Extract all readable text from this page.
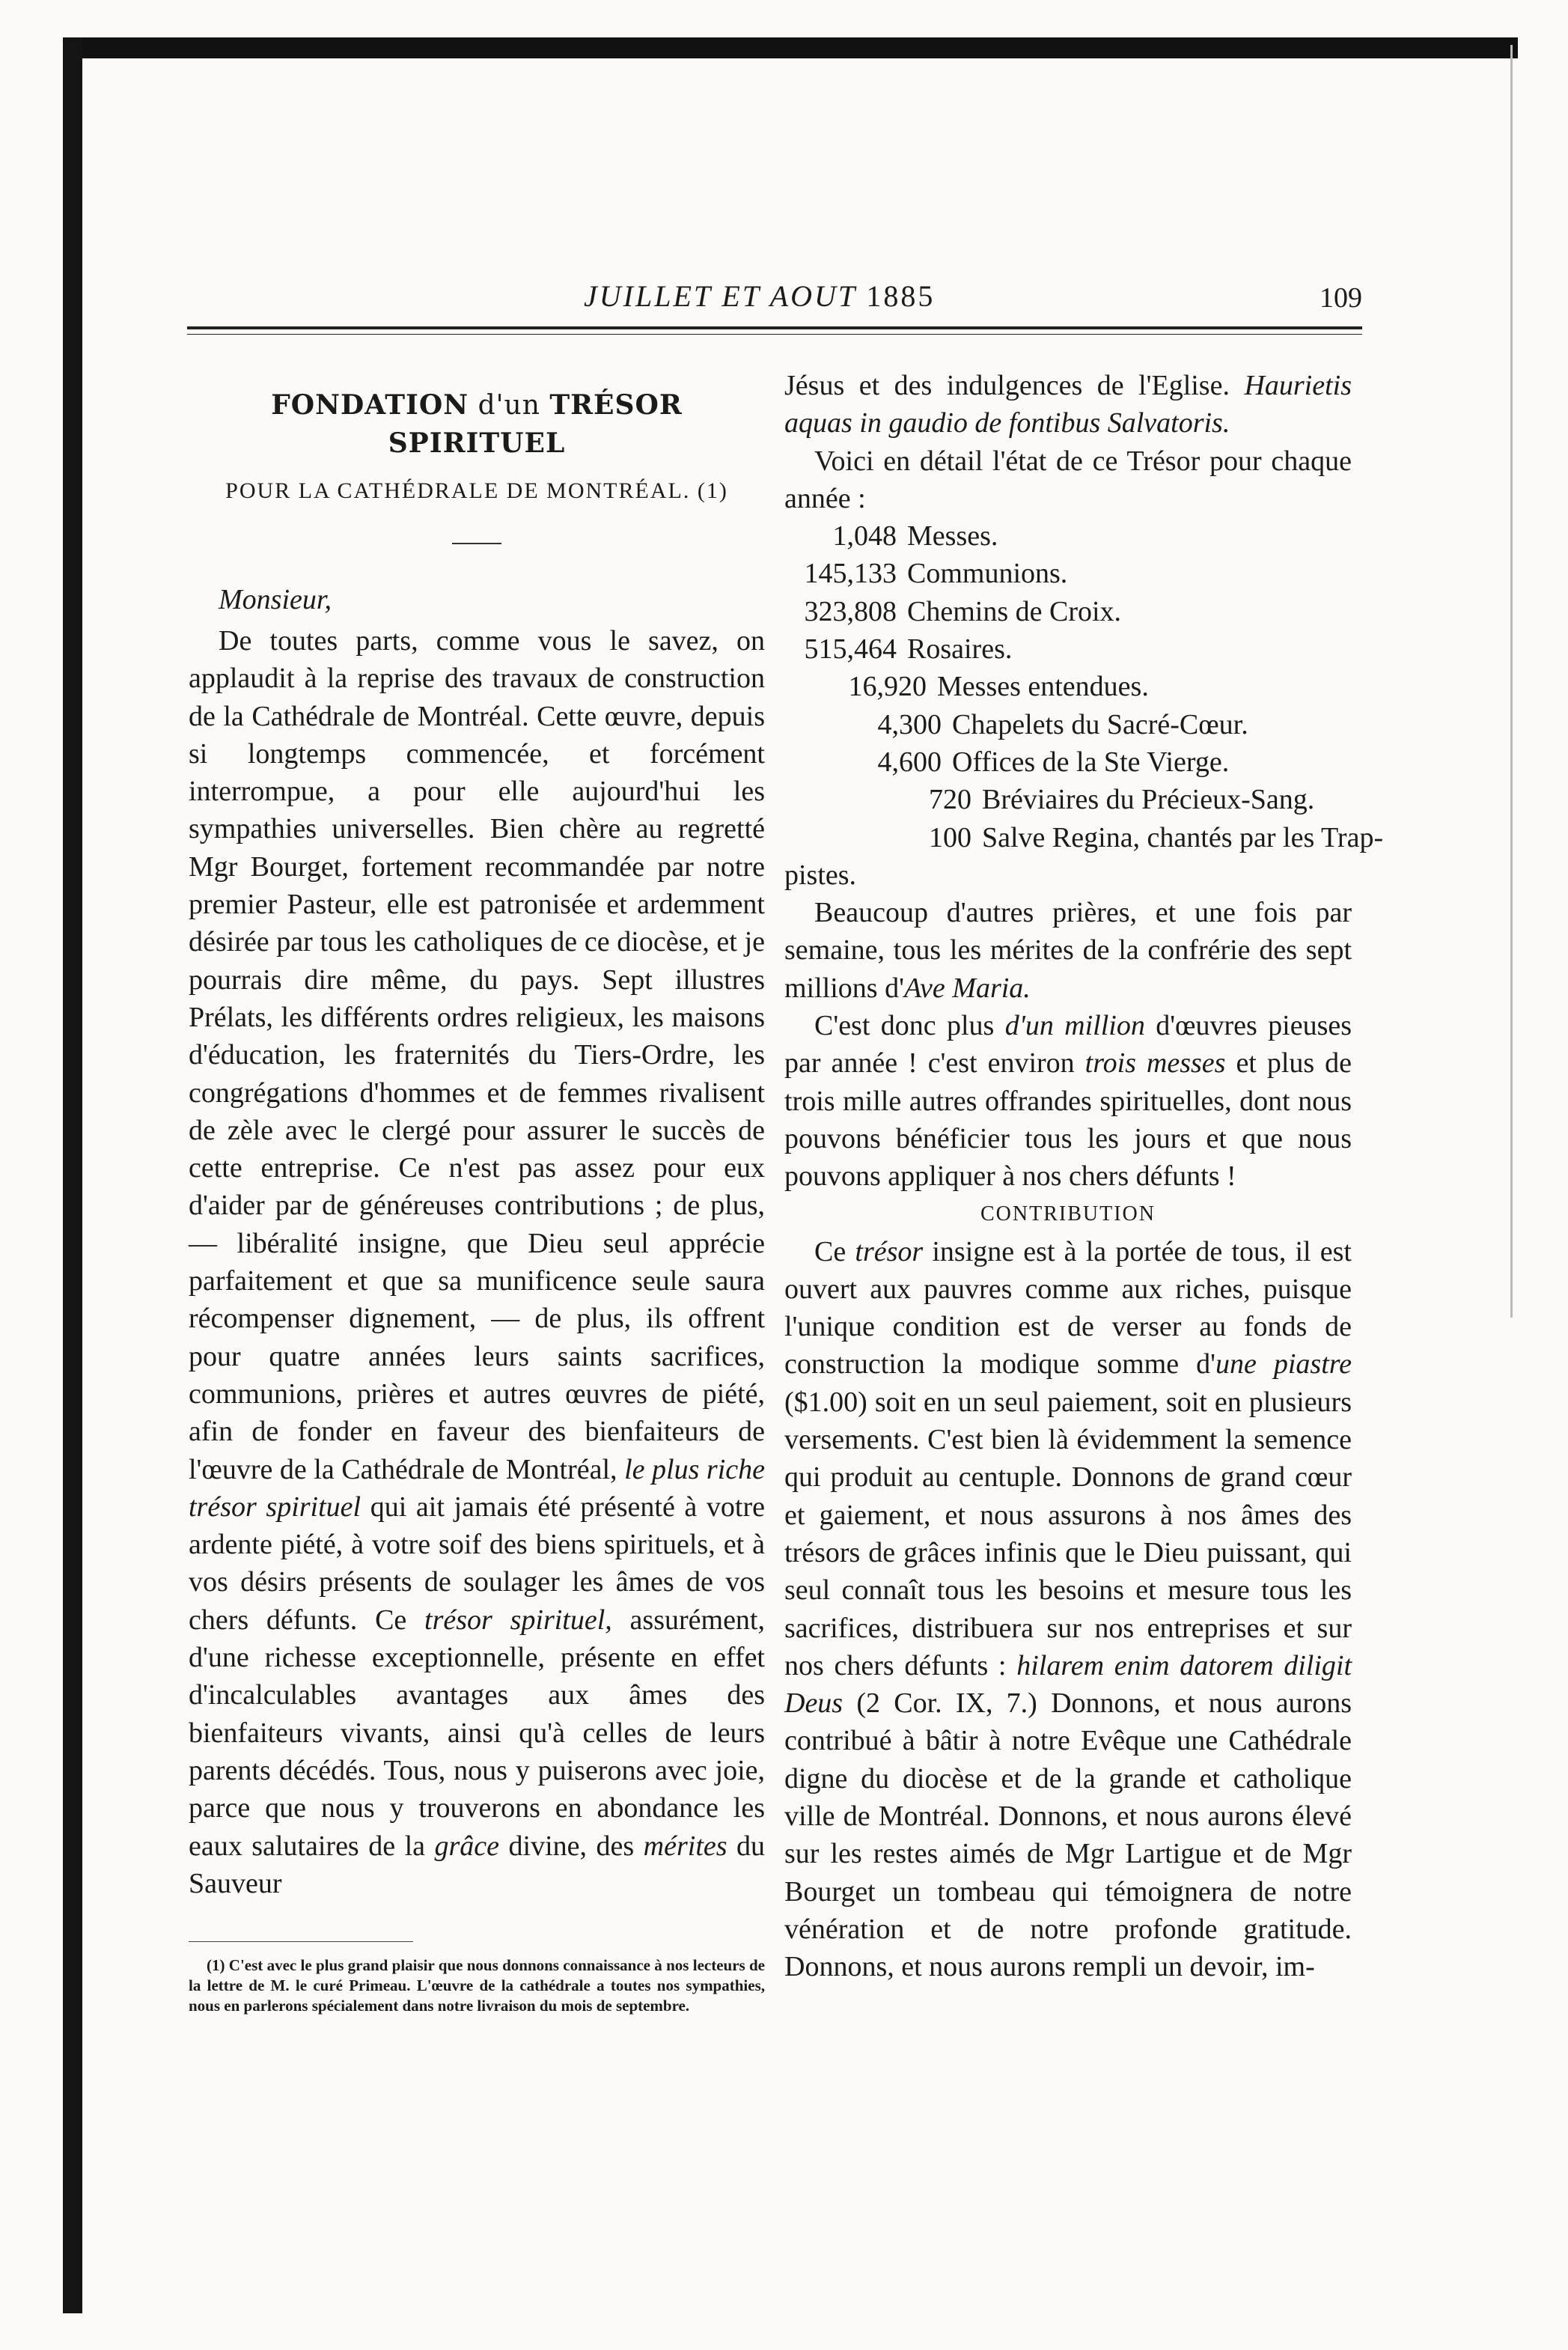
JUILLET ET AOUT 1885	109
FONDATION d'un TRÉSOR SPIRITUEL
POUR LA CATHÉDRALE DE MONTRÉAL. (1)
Monsieur,

De toutes parts, comme vous le savez, on applaudit à la reprise des travaux de construction de la Cathédrale de Montréal. Cette œuvre, depuis si longtemps commencée, et forcément interrompue, a pour elle aujourd'hui les sympathies universelles. Bien chère au regretté Mgr Bourget, fortement recommandée par notre premier Pasteur, elle est patronisée et ardemment désirée par tous les catholiques de ce diocèse, et je pourrais dire même, du pays. Sept illustres Prélats, les différents ordres religieux, les maisons d'éducation, les fraternités du Tiers-Ordre, les congrégations d'hommes et de femmes rivalisent de zèle avec le clergé pour assurer le succès de cette entreprise. Ce n'est pas assez pour eux d'aider par de généreuses contributions ; de plus, — libéralité insigne, que Dieu seul apprécie parfaitement et que sa munificence seule saura récompenser dignement, — de plus, ils offrent pour quatre années leurs saints sacrifices, communions, prières et autres œuvres de piété, afin de fonder en faveur des bienfaiteurs de l'œuvre de la Cathédrale de Montréal, le plus riche trésor spirituel qui ait jamais été présenté à votre ardente piété, à votre soif des biens spirituels, et à vos désirs présents de soulager les âmes de vos chers défunts. Ce trésor spirituel, assurément, d'une richesse exceptionnelle, présente en effet d'incalculables avantages aux âmes des bienfaiteurs vivants, ainsi qu'à celles de leurs parents décédés. Tous, nous y puiserons avec joie, parce que nous y trouverons en abondance les eaux salutaires de la grâce divine, des mérites du Sauveur

(1) C'est avec le plus grand plaisir que nous donnons connaissance à nos lecteurs de la lettre de M. le curé Primeau. L'œuvre de la cathédrale a toutes nos sympathies, nous en parlerons spécialement dans notre livraison du mois de septembre.

Jésus et des indulgences de l'Eglise. Haurietis aquas in gaudio de fontibus Salvatoris.

Voici en détail l'état de ce Trésor pour chaque année :

1,048 Messes.
145,133 Communions.
323,808 Chemins de Croix.
515,464 Rosaires.
16,920 Messes entendues.
4,300 Chapelets du Sacré-Cœur.
4,600 Offices de la Ste Vierge.
720 Bréviaires du Précieux-Sang.
100 Salve Regina, chantés par les Trap-

pistes.

Beaucoup d'autres prières, et une fois par semaine, tous les mérites de la confrérie des sept millions d'Ave Maria.

C'est donc plus d'un million d'œuvres pieuses par année ! c'est environ trois messes et plus de trois mille autres offrandes spirituelles, dont nous pouvons bénéficier tous les jours et que nous pouvons appliquer à nos chers défunts !

CONTRIBUTION

Ce trésor insigne est à la portée de tous, il est ouvert aux pauvres comme aux riches, puisque l'unique condition est de verser au fonds de construction la modique somme d'une piastre ($1.00) soit en un seul paiement, soit en plusieurs versements. C'est bien là évidemment la semence qui produit au centuple. Donnons de grand cœur et gaiement, et nous assurons à nos âmes des trésors de grâces infinis que le Dieu puissant, qui seul connaît tous les besoins et mesure tous les sacrifices, distribuera sur nos entreprises et sur nos chers défunts : hilarem enim datorem diligit Deus (2 Cor. IX, 7.) Donnons, et nous aurons contribué à bâtir à notre Evêque une Cathédrale digne du diocèse et de la grande et catholique ville de Montréal. Donnons, et nous aurons élevé sur les restes aimés de Mgr Lartigue et de Mgr Bourget un tombeau qui témoignera de notre vénération et de notre profonde gratitude. Donnons, et nous aurons rempli un devoir, im-
